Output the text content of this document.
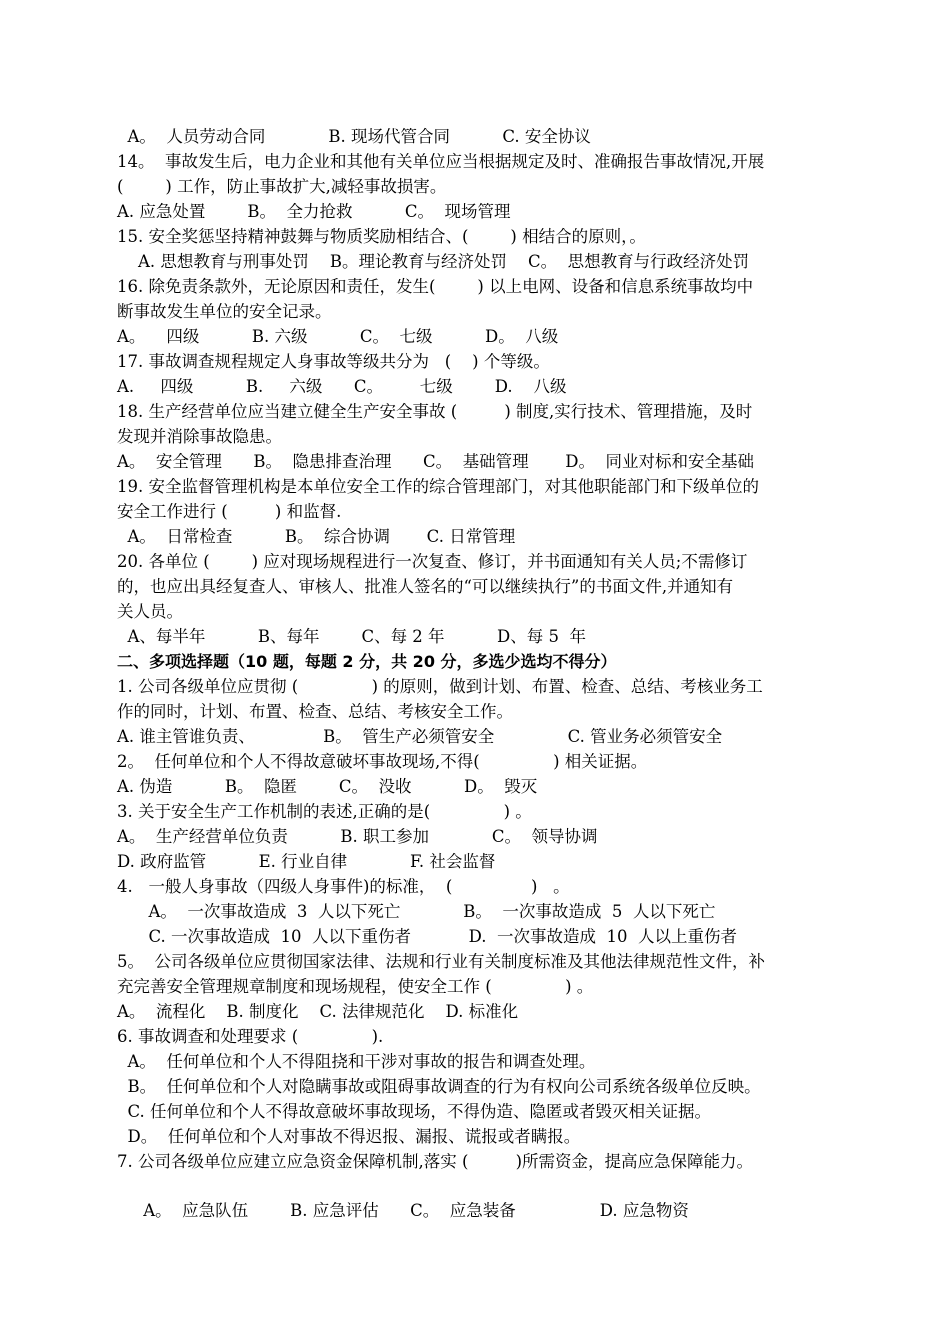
A。  人员劳动合同            B. 现场代管合同          C. 安全协议
14。  事故发生后，电力企业和其他有关单位应当根据规定及时、准确报告事故情况,开展
(        ) 工作，防止事故扩大,减轻事故损害。
A. 应急处置        B。  全力抢救          C。  现场管理
15. 安全奖惩坚持精神鼓舞与物质奖励相结合、(        ) 相结合的原则，。
A. 思想教育与刑事处罚    B。理论教育与经济处罚    C。  思想教育与行政经济处罚
16. 除免责条款外，无论原因和责任，发生(        ) 以上电网、设备和信息系统事故均中
断事故发生单位的安全记录。
A。    四级          B. 六级          C。  七级          D。  八级
17. 事故调查规程规定人身事故等级共分为   (    ) 个等级。
A.     四级          B.     六级      C。       七级        D.    八级
18. 生产经营单位应当建立健全生产安全事故 (         ) 制度,实行技术、管理措施，及时
发现并消除事故隐患。
A。  安全管理      B。  隐患排查治理      C。  基础管理       D。  同业对标和安全基础
19. 安全监督管理机构是本单位安全工作的综合管理部门，对其他职能部门和下级单位的
安全工作进行 (         ) 和监督.
A。  日常检查          B。  综合协调       C. 日常管理
20. 各单位 (        ) 应对现场规程进行一次复查、修订，并书面通知有关人员;不需修订
的，也应出具经复查人、审核人、批准人签名的“可以继续执行”的书面文件,并通知有
关人员。
A、每半年          B、每年        C、每 2 年          D、每 5  年
二、多项选择题（10 题，每题 2 分，共 20 分，多选少选均不得分）
1. 公司各级单位应贯彻 (              ) 的原则，做到计划、布置、检查、总结、考核业务工
作的同时，计划、布置、检查、总结、考核安全工作。
A. 谁主管谁负责、             B。  管生产必须管安全              C. 管业务必须管安全
2。  任何单位和个人不得故意破坏事故现场,不得(              ) 相关证据。
A. 伪造          B。  隐匿        C。  没收          D。  毁灭
3. 关于安全生产工作机制的表述,正确的是(              ) 。
A。  生产经营单位负责          B. 职工参加            C。  领导协调
D. 政府监管          E. 行业自律            F. 社会监督
4.   一般人身事故（四级人身事件)的标准，  (               )   。
A。  一次事故造成  3  人以下死亡            B。  一次事故造成  5  人以下死亡
C. 一次事故造成  10  人以下重伤者           D.  一次事故造成  10  人以上重伤者
5。  公司各级单位应贯彻国家法律、法规和行业有关制度标准及其他法律规范性文件，补
充完善安全管理规章制度和现场规程，使安全工作 (              ) 。
A。  流程化    B. 制度化    C. 法律规范化    D. 标准化
6. 事故调查和处理要求 (              ).
A。  任何单位和个人不得阻挠和干涉对事故的报告和调查处理。
B。  任何单位和个人对隐瞒事故或阻碍事故调查的行为有权向公司系统各级单位反映。
C. 任何单位和个人不得故意破坏事故现场，不得伪造、隐匿或者毁灭相关证据。
D。  任何单位和个人对事故不得迟报、漏报、谎报或者瞒报。
7. 公司各级单位应建立应急资金保障机制,落实 (         )所需资金，提高应急保障能力。
A。  应急队伍        B. 应急评估      C。  应急装备                D. 应急物资
